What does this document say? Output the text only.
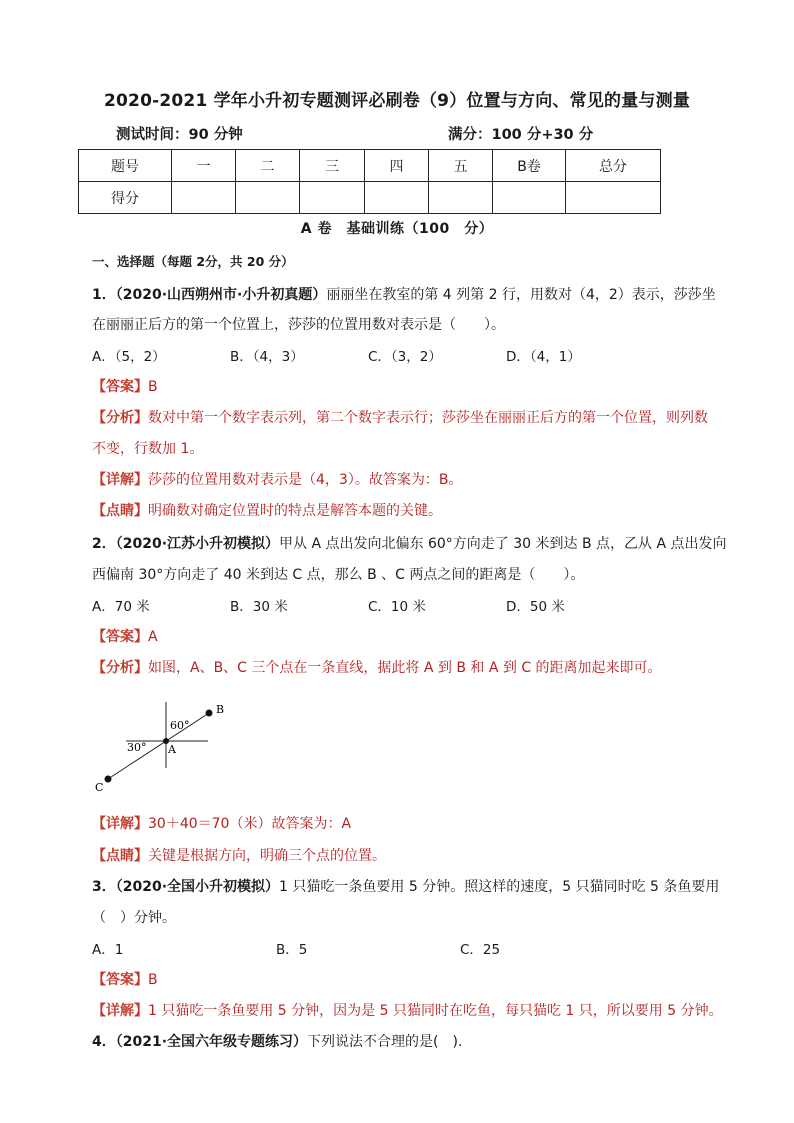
2020-2021 学年小升初专题测评必刷卷（9）位置与方向、常见的量与测量
测试时间：90 分钟	满分：100 分+30 分
题号	一	二	三	四	五	B卷	总分
得分							
A 卷　基础训练（100　分）
一、选择题（每题 2分，共 20 分）
1．（2020·山西朔州市·小升初真题）丽丽坐在教室的第 4 列第 2 行，用数对（4，2）表示，莎莎坐
在丽丽正后方的第一个位置上，莎莎的位置用数对表示是（　　）。
A．（5，2）	B．（4，3）	C．（3，2）	D．（4，1）
【答案】B
【分析】数对中第一个数字表示列，第二个数字表示行；莎莎坐在丽丽正后方的第一个位置，则列数
不变，行数加 1。
【详解】莎莎的位置用数对表示是（4，3）。故答案为：B。
【点睛】明确数对确定位置时的特点是解答本题的关键。
2．（2020·江苏小升初模拟）甲从 A 点出发向北偏东 60°方向走了 30 米到达 B 点，乙从 A 点出发向
西偏南 30°方向走了 40 米到达 C 点，那么 B 、C 两点之间的距离是（　　）。
A．70 米	B．30 米	C．10 米	D．50 米
【答案】A
【分析】如图，A、B、C 三个点在一条直线，据此将 A 到 B 和 A 到 C 的距离加起来即可。
B
A
C
60°
30°
【详解】30＋40＝70（米）故答案为：A
【点睛】关键是根据方向，明确三个点的位置。
3．（2020·全国小升初模拟）1 只猫吃一条鱼要用 5 分钟。照这样的速度，5 只猫同时吃 5 条鱼要用
（　）分钟。
A．1	B．5	C．25
【答案】B
【详解】1 只猫吃一条鱼要用 5 分钟，因为是 5 只猫同时在吃鱼，每只猫吃 1 只，所以要用 5 分钟。
4．（2021·全国六年级专题练习）下列说法不合理的是(　).
